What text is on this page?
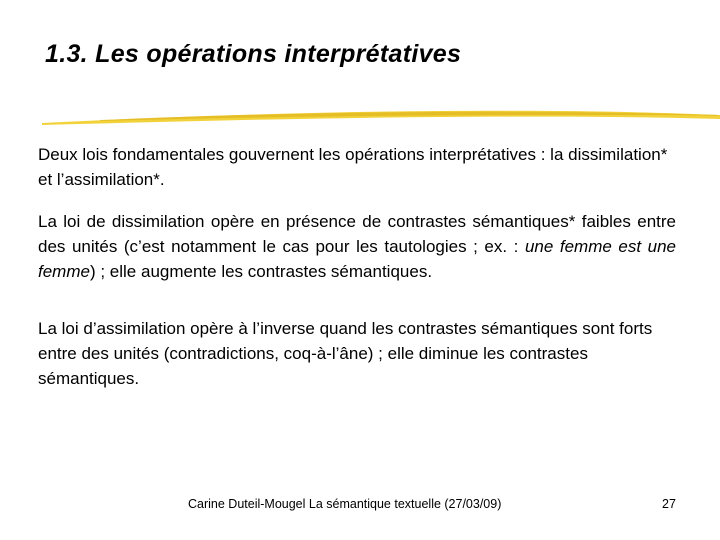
1.3. Les opérations interprétatives

Deux lois fondamentales gouvernent les opérations interprétatives : la dissimilation* et l’assimilation*.

La loi de dissimilation opère en présence de contrastes sémantiques* faibles entre des unités (c’est notamment le cas pour les tautologies ; ex. : une femme est une femme) ; elle augmente les contrastes sémantiques.

La loi d’assimilation opère à l’inverse quand les contrastes sémantiques sont forts entre des unités (contradictions, coq-à-l’âne) ; elle diminue les contrastes sémantiques.

Carine Duteil-Mougel La sémantique textuelle (27/03/09)	27
